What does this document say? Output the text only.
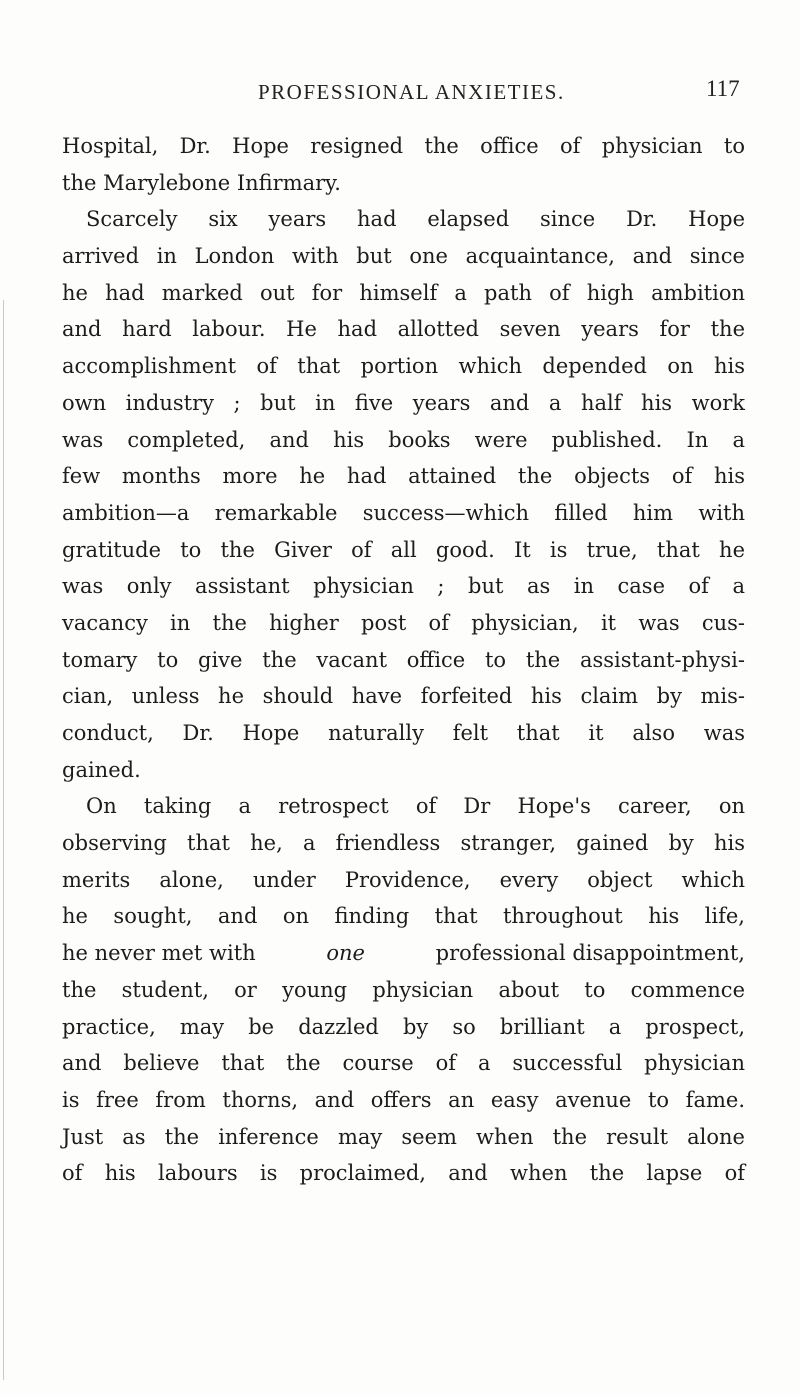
PROFESSIONAL ANXIETIES.	117
Hospital, Dr. Hope resigned the office of physician to
the Marylebone Infirmary.
Scarcely six years had elapsed since Dr. Hope
arrived in London with but one acquaintance, and since
he had marked out for himself a path of high ambition
and hard labour. He had allotted seven years for the
accomplishment of that portion which depended on his
own industry ; but in five years and a half his work
was completed, and his books were published. In a
few months more he had attained the objects of his
ambition—a remarkable success—which filled him with
gratitude to the Giver of all good. It is true, that he
was only assistant physician ; but as in case of a
vacancy in the higher post of physician, it was cus-
tomary to give the vacant office to the assistant-physi-
cian, unless he should have forfeited his claim by mis-
conduct, Dr. Hope naturally felt that it also was
gained.
On taking a retrospect of Dr Hope's career, on
observing that he, a friendless stranger, gained by his
merits alone, under Providence, every object which
he sought, and on finding that throughout his life,
he never met with	one	professional disappointment,
the student, or young physician about to commence
practice, may be dazzled by so brilliant a prospect,
and believe that the course of a successful physician
is free from thorns, and offers an easy avenue to fame.
Just as the inference may seem when the result alone
of his labours is proclaimed, and when the lapse of
